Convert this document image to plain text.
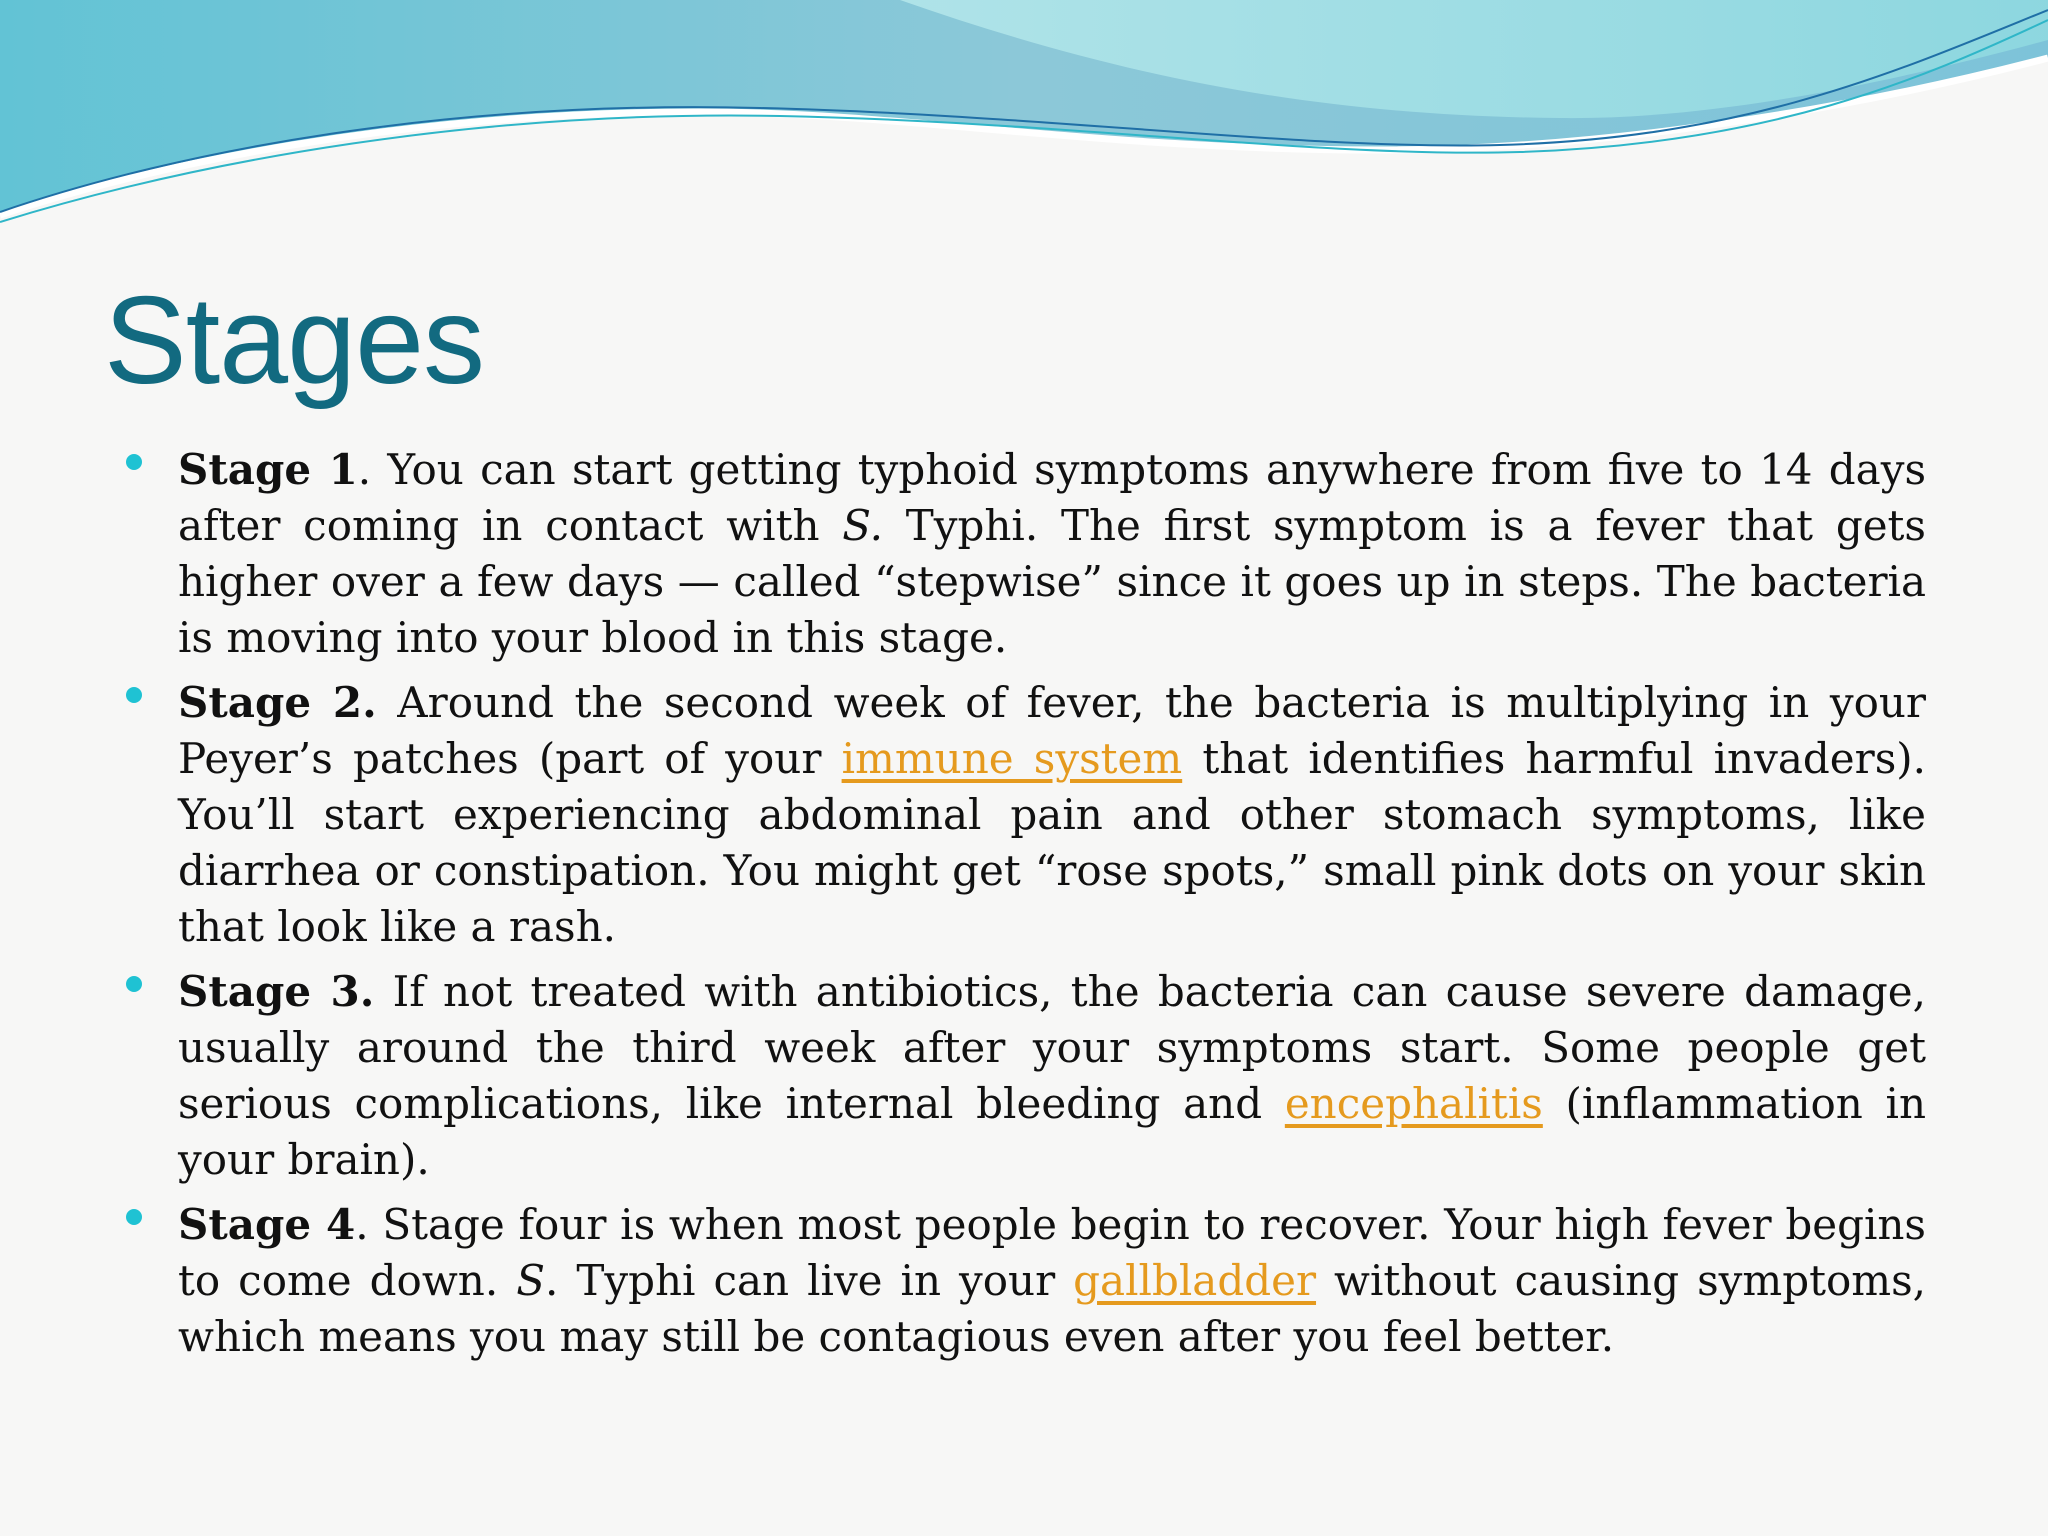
Stages
Stage 1. You can start getting typhoid symptoms anywhere from five to 14 days after coming in contact with S. Typhi. The first symptom is a fever that gets higher over a few days — called “stepwise” since it goes up in steps. The bacteria is moving into your blood in this stage.
Stage 2. Around the second week of fever, the bacteria is multiplying in your Peyer’s patches (part of your immune system that identifies harmful invaders). You’ll start experiencing abdominal pain and other stomach symptoms, like diarrhea or constipation. You might get “rose spots,” small pink dots on your skin that look like a rash.
Stage 3. If not treated with antibiotics, the bacteria can cause severe damage, usually around the third week after your symptoms start. Some people get serious complications, like internal bleeding and encephalitis (inflammation in your brain).
Stage 4. Stage four is when most people begin to recover. Your high fever begins to come down. S. Typhi can live in your gallbladder without causing symptoms, which means you may still be contagious even after you feel better.
